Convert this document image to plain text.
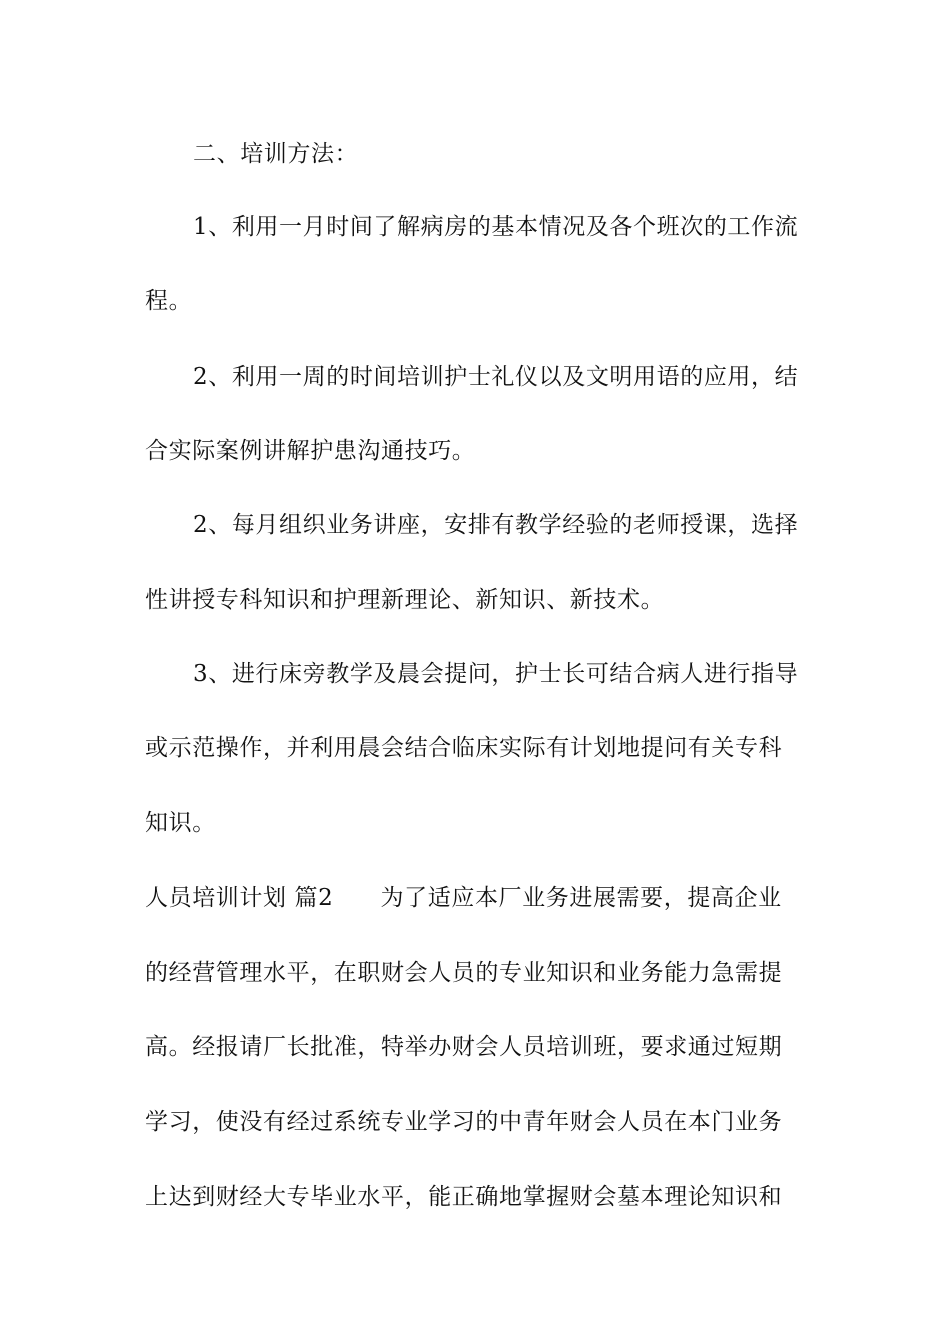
二、培训方法：
1、利用一月时间了解病房的基本情况及各个班次的工作流
程。
2、利用一周的时间培训护士礼仪以及文明用语的应用，结
合实际案例讲解护患沟通技巧。
2、每月组织业务讲座，安排有教学经验的老师授课，选择
性讲授专科知识和护理新理论、新知识、新技术。
3、进行床旁教学及晨会提问，护士长可结合病人进行指导
或示范操作，并利用晨会结合临床实际有计划地提问有关专科
知识。
人员培训计划 篇2　　为了适应本厂业务进展需要，提高企业
的经营管理水平，在职财会人员的专业知识和业务能力急需提
高。经报请厂长批准，特举办财会人员培训班，要求通过短期
学习，使没有经过系统专业学习的中青年财会人员在本门业务
上达到财经大专毕业水平，能正确地掌握财会墓本理论知识和
